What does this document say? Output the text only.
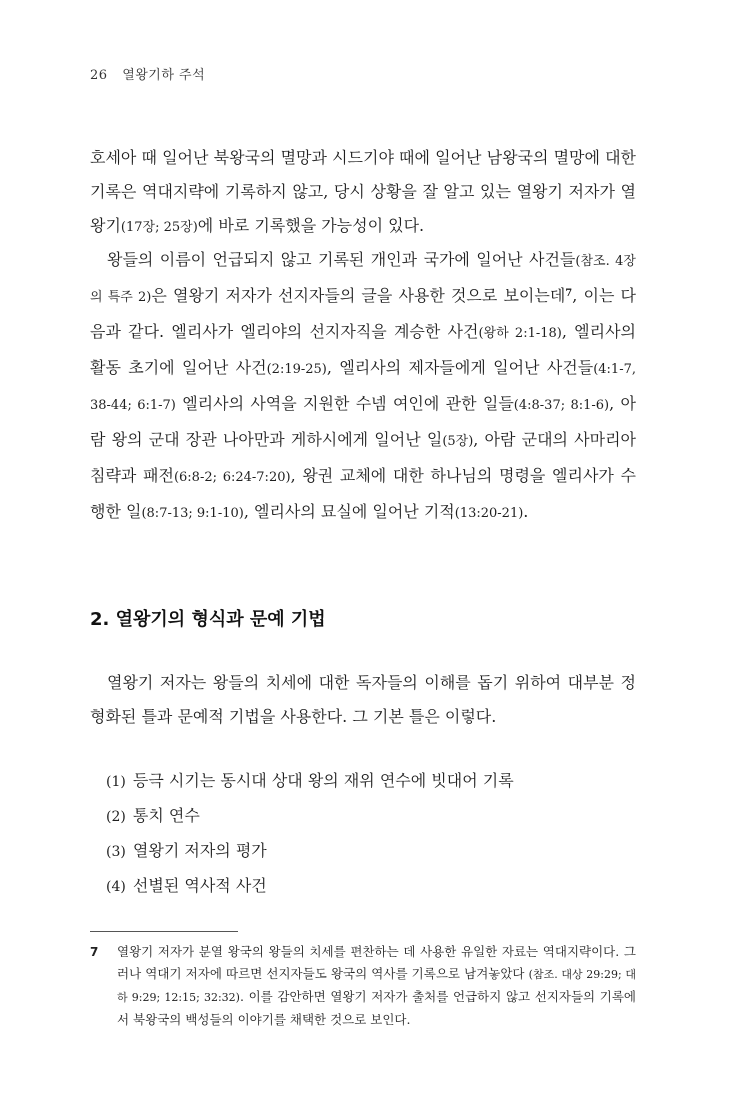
26 열왕기하 주석
호세아 때 일어난 북왕국의 멸망과 시드기야 때에 일어난 남왕국의 멸망에 대한 기록은 역대지략에 기록하지 않고, 당시 상황을 잘 알고 있는 열왕기 저자가 열왕기(17장; 25장)에 바로 기록했을 가능성이 있다.
왕들의 이름이 언급되지 않고 기록된 개인과 국가에 일어난 사건들(참조. 4장의 특주 2)은 열왕기 저자가 선지자들의 글을 사용한 것으로 보이는데$^7$, 이는 다음과 같다. 엘리사가 엘리야의 선지자직을 계승한 사건(왕하 2:1-18), 엘리사의 활동 초기에 일어난 사건(2:19-25), 엘리사의 제자들에게 일어난 사건들(4:1-7, 38-44; 6:1-7) 엘리사의 사역을 지원한 수넴 여인에 관한 일들(4:8-37; 8:1-6), 아람 왕의 군대 장관 나아만과 게하시에게 일어난 일(5장), 아람 군대의 사마리아 침략과 패전(6:8-2; 6:24-7:20), 왕권 교체에 대한 하나님의 명령을 엘리사가 수행한 일(8:7-13; 9:1-10), 엘리사의 묘실에 일어난 기적(13:20-21).
2. 열왕기의 형식과 문예 기법
열왕기 저자는 왕들의 치세에 대한 독자들의 이해를 돕기 위하여 대부분 정형화된 틀과 문예적 기법을 사용한다. 그 기본 틀은 이렇다.
(1) 등극 시기는 동시대 상대 왕의 재위 연수에 빗대어 기록
(2) 통치 연수
(3) 열왕기 저자의 평가
(4) 선별된 역사적 사건
7 열왕기 저자가 분열 왕국의 왕들의 치세를 편찬하는 데 사용한 유일한 자료는 역대지략이다. 그러나 역대기 저자에 따르면 선지자들도 왕국의 역사를 기록으로 남겨놓았다 (참조. 대상 29:29; 대하 9:29; 12:15; 32:32). 이를 감안하면 열왕기 저자가 출처를 언급하지 않고 선지자들의 기록에서 북왕국의 백성들의 이야기를 채택한 것으로 보인다.
